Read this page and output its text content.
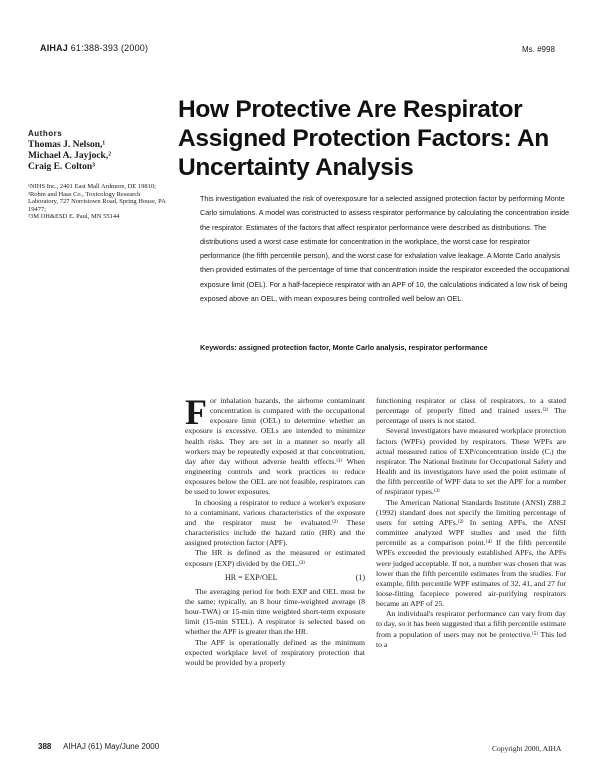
AIHAJ 61:388-393 (2000)	Ms. #998
How Protective Are Respirator Assigned Protection Factors: An Uncertainty Analysis
Authors
Thomas J. Nelson,¹
Michael A. Jayjock,²
Craig E. Colton³
¹NIHS Inc., 2401 East Mall Ardmore, DE 19810;
²Rohm and Haas Co., Toxicology Research Laboratory, 727 Norristown Road, Spring House, PA 19477;
³3M OH&ESD E. Paul, MN 55144
This investigation evaluated the risk of overexposure for a selected assigned protection factor by performing Monte Carlo simulations. A model was constructed to assess respirator performance by calculating the concentration inside the respirator. Estimates of the factors that affect respirator performance were described as distributions. The distributions used a worst case estimate for concentration in the workplace, the worst case for respirator performance (the fifth percentile person), and the worst case for exhalation valve leakage. A Monte Carlo analysis then provided estimates of the percentage of time that concentration inside the respirator exceeded the occupational exposure limit (OEL). For a half-facepiece respirator with an APF of 10, the calculations indicated a low risk of being exposed above an OEL, with mean exposures being controlled well below an OEL.
Keywords: assigned protection factor, Monte Carlo analysis, respirator performance

For inhalation hazards, the airborne contaminant concentration is compared with the occupational exposure limit (OEL) to determine whether an exposure is excessive. OELs are intended to minimize health risks. They are set in a manner so nearly all workers may be repeatedly exposed at that concentration, day after day without adverse health effects.⁽¹⁾ When engineering controls and work practices to reduce exposures below the OEL are not feasible, respirators can be used to lower exposures.

In choosing a respirator to reduce a worker's exposure to a contaminant, various characteristics of the exposure and the respirator must be evaluated.⁽²⁾ These characteristics include the hazard ratio (HR) and the assigned protection factor (APF).

The HR is defined as the measured or estimated exposure (EXP) divided by the OEL.⁽²⁾

HR = EXP/OEL	(1)

The averaging period for both EXP and OEL must be the same; typically, an 8 hour time-weighted average (8 hour-TWA) or 15-min time weighted short-term exposure limit (15-min STEL). A respirator is selected based on whether the APF is greater than the HR.

The APF is operationally defined as the minimum expected workplace level of respiratory protection that would be provided by a properly

functioning respirator or class of respirators, to a stated percentage of properly fitted and trained users.⁽²⁾ The percentage of users is not stated.

Several investigators have measured workplace protection factors (WPFs) provided by respirators. These WPFs are actual measured ratios of EXP/concentration inside (Cᵢ) the respirator. The National Institute for Occupational Safety and Health and its investigators have used the point estimate of the fifth percentile of WPF data to set the APF for a number of respirator types.⁽³⁾

The American National Standards Institute (ANSI) Z88.2 (1992) standard does not specify the limiting percentage of users for setting APFs.⁽²⁾ In setting APFs, the ANSI committee analyzed WPF studies and used the fifth percentile as a comparison point.⁽⁴⁾ If the fifth percentile WPFs exceeded the previously established APFs, the APFs were judged acceptable. If not, a number was chosen that was lower than the fifth percentile estimates from the studies. For example, fifth percentile WPF estimates of 32, 41, and 27 for loose-fitting facepiece powered air-purifying respirators became an APF of 25.

An individual's respirator performance can vary from day to day, so it has been suggested that a fifth percentile estimate from a population of users may not be protective.⁽⁵⁾ This led to a

388 AIHAJ (61) May/June 2000	Copyright 2000, AIHA
